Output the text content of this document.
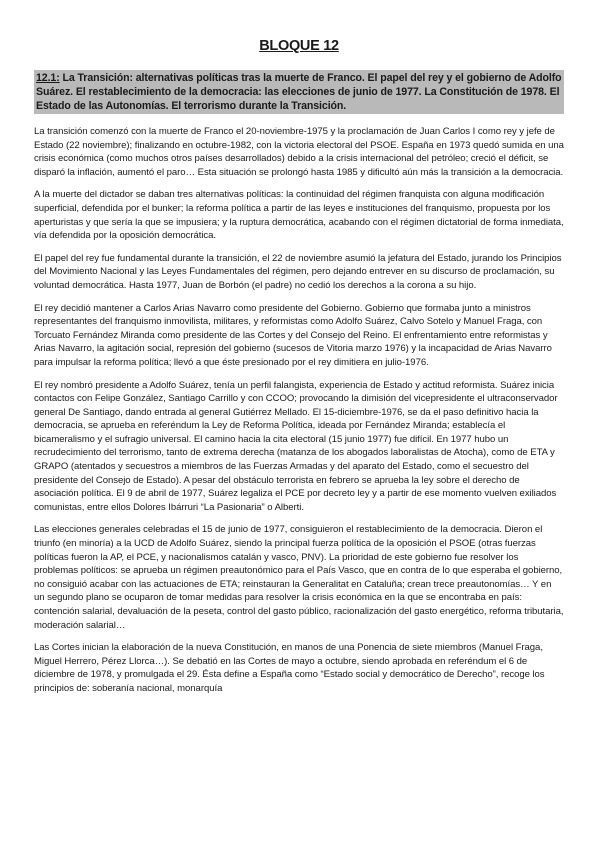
BLOQUE 12
12.1: La Transición: alternativas políticas tras la muerte de Franco. El papel del rey y el gobierno de Adolfo Suárez. El restablecimiento de la democracia: las elecciones de junio de 1977. La Constitución de 1978. El Estado de las Autonomías. El terrorismo durante la Transición.

La transición comenzó con la muerte de Franco el 20-noviembre-1975 y la proclamación de Juan Carlos I como rey y jefe de Estado (22 noviembre); finalizando en octubre-1982, con la victoria electoral del PSOE. España en 1973 quedó sumida en una crisis económica (como muchos otros países desarrollados) debido a la crisis internacional del petróleo; creció el déficit, se disparó la inflación, aumentó el paro… Esta situación se prolongó hasta 1985 y dificultó aún más la transición a la democracia.

A la muerte del dictador se daban tres alternativas políticas: la continuidad del régimen franquista con alguna modificación superficial, defendida por el bunker; la reforma política a partir de las leyes e instituciones del franquismo, propuesta por los aperturistas y que sería la que se impusiera; y la ruptura democrática, acabando con el régimen dictatorial de forma inmediata, vía defendida por la oposición democrática.

El papel del rey fue fundamental durante la transición, el 22 de noviembre asumió la jefatura del Estado, jurando los Principios del Movimiento Nacional y las Leyes Fundamentales del régimen, pero dejando entrever en su discurso de proclamación, su voluntad democrática. Hasta 1977, Juan de Borbón (el padre) no cedió los derechos a la corona a su hijo.

El rey decidió mantener a Carlos Arias Navarro como presidente del Gobierno. Gobierno que formaba junto a ministros representantes del franquismo inmovilista, militares, y reformistas como Adolfo Suárez, Calvo Sotelo y Manuel Fraga, con Torcuato Fernández Miranda como presidente de las Cortes y del Consejo del Reino. El enfrentamiento entre reformistas y Arias Navarro, la agitación social, represión del gobierno (sucesos de Vitoria marzo 1976) y la incapacidad de Arias Navarro para impulsar la reforma política; llevó a que éste presionado por el rey dimitiera en julio-1976.

El rey nombró presidente a Adolfo Suárez, tenía un perfil falangista, experiencia de Estado y actitud reformista. Suárez inicia contactos con Felipe González, Santiago Carrillo y con CCOO; provocando la dimisión del vicepresidente el ultraconservador general De Santiago, dando entrada al general Gutiérrez Mellado. El 15-diciembre-1976, se da el paso definitivo hacia la democracia, se aprueba en referéndum la Ley de Reforma Política, ideada por Fernández Miranda; establecía el bicameralismo y el sufragio universal. El camino hacia la cita electoral (15 junio 1977) fue difícil. En 1977 hubo un recrudecimiento del terrorismo, tanto de extrema derecha (matanza de los abogados laboralistas de Atocha), como de ETA y GRAPO (atentados y secuestros a miembros de las Fuerzas Armadas y del aparato del Estado, como el secuestro del presidente del Consejo de Estado). A pesar del obstáculo terrorista en febrero se aprueba la ley sobre el derecho de asociación política. El 9 de abril de 1977, Suárez legaliza el PCE por decreto ley y a partir de ese momento vuelven exiliados comunistas, entre ellos Dolores Ibárruri “La Pasionaria” o Alberti.

Las elecciones generales celebradas el 15 de junio de 1977, consiguieron el restablecimiento de la democracia. Dieron el triunfo (en minoría) a la UCD de Adolfo Suárez, siendo la principal fuerza política de la oposición el PSOE (otras fuerzas políticas fueron la AP, el PCE, y nacionalismos catalán y vasco, PNV). La prioridad de este gobierno fue resolver los problemas políticos: se aprueba un régimen preautonómico para el País Vasco, que en contra de lo que esperaba el gobierno, no consiguió acabar con las actuaciones de ETA; reinstauran la Generalitat en Cataluña; crean trece preautonomías… Y en un segundo plano se ocuparon de tomar medidas para resolver la crisis económica en la que se encontraba en país: contención salarial, devaluación de la peseta, control del gasto público, racionalización del gasto energético, reforma tributaria, moderación salarial…

Las Cortes inician la elaboración de la nueva Constitución, en manos de una Ponencia de siete miembros (Manuel Fraga, Miguel Herrero, Pérez Llorca…). Se debatió en las Cortes de mayo a octubre, siendo aprobada en referéndum el 6 de diciembre de 1978, y promulgada el 29. Ésta define a España como “Estado social y democrático de Derecho”, recoge los principios de: soberanía nacional, monarquía
